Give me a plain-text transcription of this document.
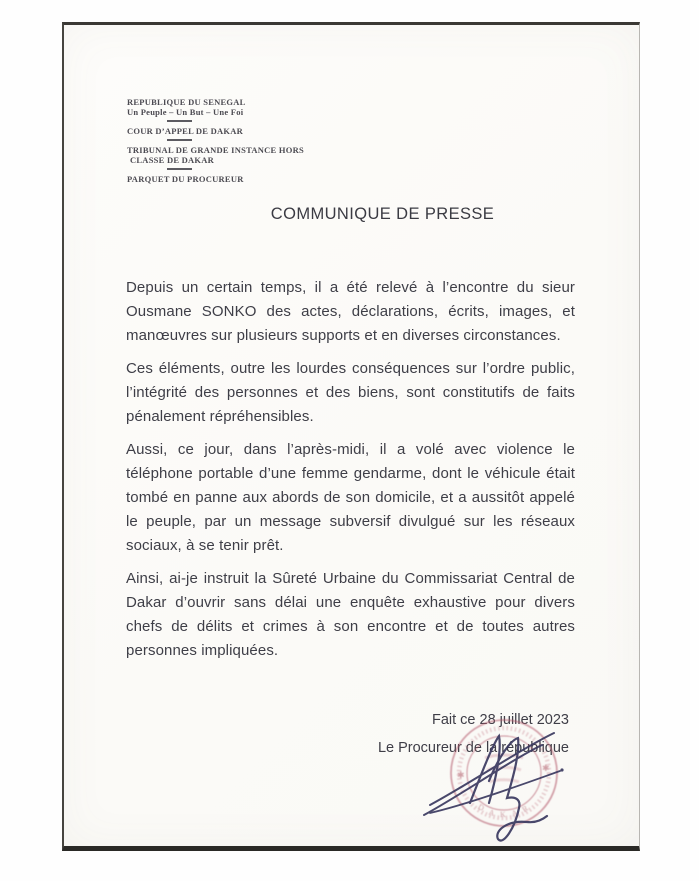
REPUBLIQUE DU SENEGAL
Un Peuple – Un But – Une Foi
COUR D’APPEL DE DAKAR
TRIBUNAL DE GRANDE INSTANCE HORS
CLASSE DE DAKAR
PARQUET DU PROCUREUR
COMMUNIQUE DE PRESSE

Depuis un certain temps, il a été relevé à l’encontre du sieur Ousmane SONKO des actes, déclarations, écrits, images, et manœuvres sur plusieurs supports et en diverses circonstances.

Ces éléments, outre les lourdes conséquences sur l’ordre public, l’intégrité des personnes et des biens, sont constitutifs de faits pénalement répréhensibles.

Aussi, ce jour, dans l’après-midi, il a volé avec violence le téléphone portable d’une femme gendarme, dont le véhicule était tombé en panne aux abords de son domicile, et a aussitôt appelé le peuple, par un message subversif divulgué sur les réseaux sociaux, à se tenir prêt.

Ainsi, ai-je instruit la Sûreté Urbaine du Commissariat Central de Dakar d’ouvrir sans délai une enquête exhaustive pour divers chefs de délits et crimes à son encontre et de toutes autres personnes impliquées.

Fait ce 28 juillet 2023
Le Procureur de la république
D A K A R
✱
✱
